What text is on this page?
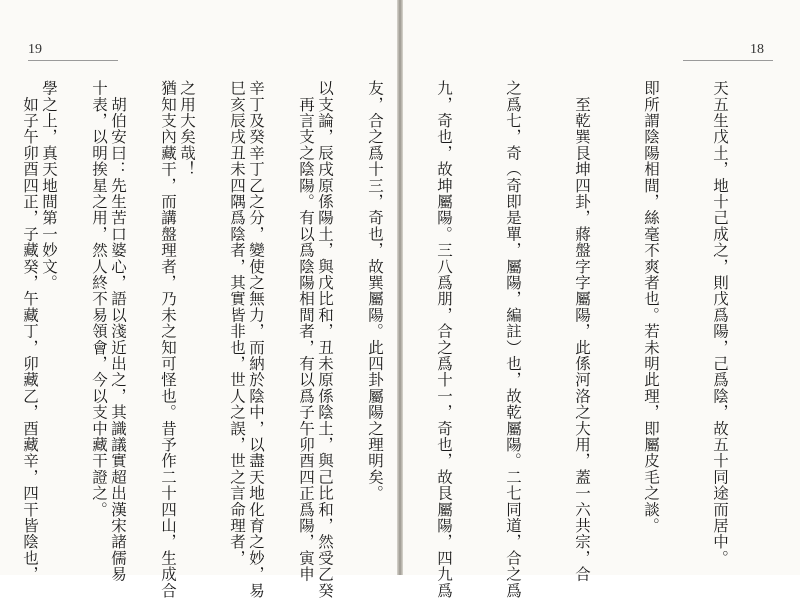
19

以支論，辰戌原係陽土，與戊比和，丑未原係陰土，與己比和，然受乙癸

辛丁及癸辛丁乙之分，變使之無力，而納於陰中，以盡天地化育之妙，易

之用大矣哉！

　胡伯安曰：先生苦口婆心，語以淺近出之，其識議實超出漢宋諸儒易

學之上，真天地間第一妙文。

18

天五生戊土，地十己成之，則戊爲陽，己爲陰，故五十同途而居中。

即所謂陰陽相間，絲毫不爽者也。若未明此理，即屬皮毛之談。

　至乾巽艮坤四卦，蔣盤字字屬陽，此係河洛之大用，蓋一六共宗，合

之爲七，奇（奇即是單，屬陽，編註）也，故乾屬陽。二七同道，合之爲

九，奇也，故坤屬陽。三八爲朋，合之爲十一，奇也，故艮屬陽，四九爲

友，合之爲十三，奇也，故巽屬陽。此四卦屬陽之理明矣。

　再言支之陰陽。有以爲陰陽相間者，有以爲子午卯酉四正爲陽，寅申

巳亥辰戌丑未四隅爲陰者，其實皆非也，世人之誤，世之言命理者，

猶知支內藏干，而講盤理者，乃未之知可怪也。昔予作二十四山，生成合

十表，以明挨星之用，然人終不易領會，今以支中藏干證之。

　如子午卯酉四正，子藏癸，午藏丁，卯藏乙，酉藏辛，四干皆陰也，
